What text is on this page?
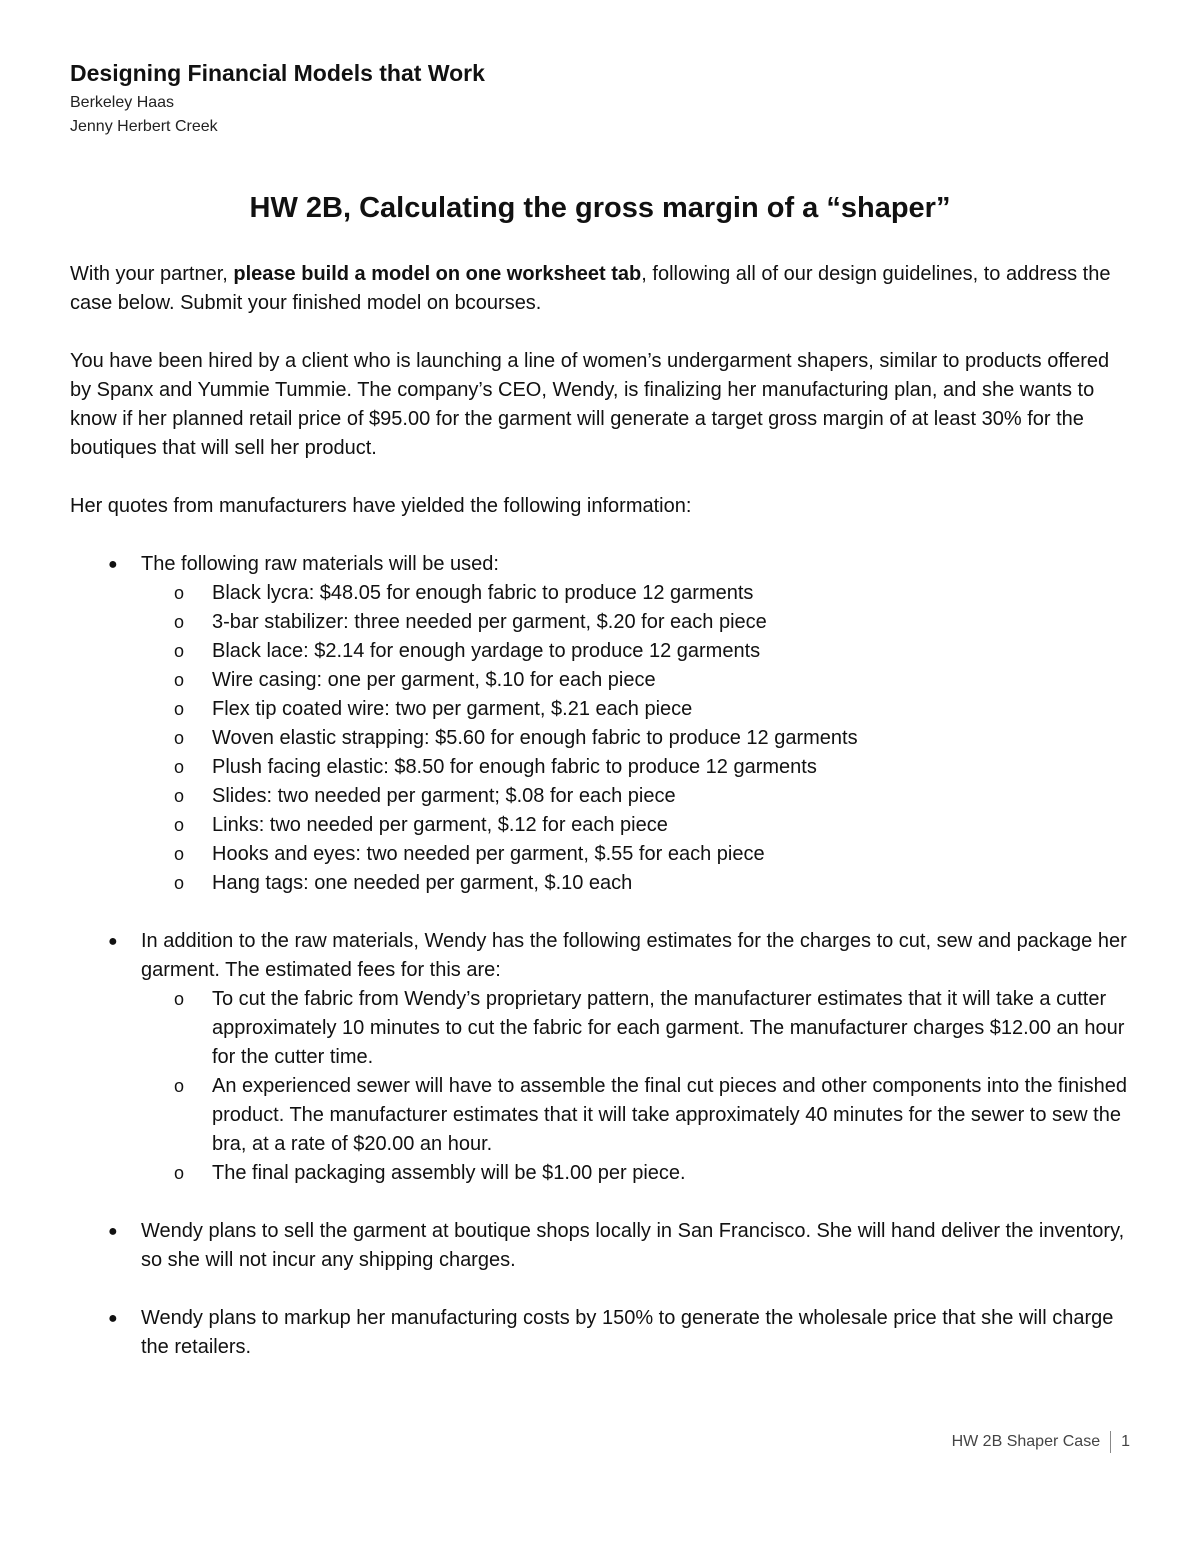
Designing Financial Models that Work

Berkeley Haas

Jenny Herbert Creek

HW 2B, Calculating the gross margin of a “shaper”

With your partner, please build a model on one worksheet tab, following all of our design guidelines, to address the case below. Submit your finished model on bcourses.

You have been hired by a client who is launching a line of women’s undergarment shapers, similar to products offered by Spanx and Yummie Tummie. The company’s CEO, Wendy, is finalizing her manufacturing plan, and she wants to know if her planned retail price of $95.00 for the garment will generate a target gross margin of at least 30% for the boutiques that will sell her product.

Her quotes from manufacturers have yielded the following information:

● The following raw materials will be used:
o	Black lycra: $48.05 for enough fabric to produce 12 garments
o	3-bar stabilizer: three needed per garment, $.20 for each piece
o	Black lace: $2.14 for enough yardage to produce 12 garments
o	Wire casing: one per garment, $.10 for each piece
o	Flex tip coated wire: two per garment, $.21 each piece
o	Woven elastic strapping: $5.60 for enough fabric to produce 12 garments
o	Plush facing elastic: $8.50 for enough fabric to produce 12 garments
o	Slides: two needed per garment; $.08 for each piece
o	Links: two needed per garment, $.12 for each piece
o	Hooks and eyes: two needed per garment, $.55 for each piece
o	Hang tags: one needed per garment, $.10 each
● In addition to the raw materials, Wendy has the following estimates for the charges to cut, sew and package her garment. The estimated fees for this are:
o	To cut the fabric from Wendy’s proprietary pattern, the manufacturer estimates that it will take a cutter approximately 10 minutes to cut the fabric for each garment. The manufacturer charges $12.00 an hour for the cutter time.
o	An experienced sewer will have to assemble the final cut pieces and other components into the finished product. The manufacturer estimates that it will take approximately 40 minutes for the sewer to sew the bra, at a rate of $20.00 an hour.
o	The final packaging assembly will be $1.00 per piece.
● Wendy plans to sell the garment at boutique shops locally in San Francisco. She will hand deliver the inventory, so she will not incur any shipping charges.
● Wendy plans to markup her manufacturing costs by 150% to generate the wholesale price that she will charge the retailers.
HW 2B Shaper Case 1
